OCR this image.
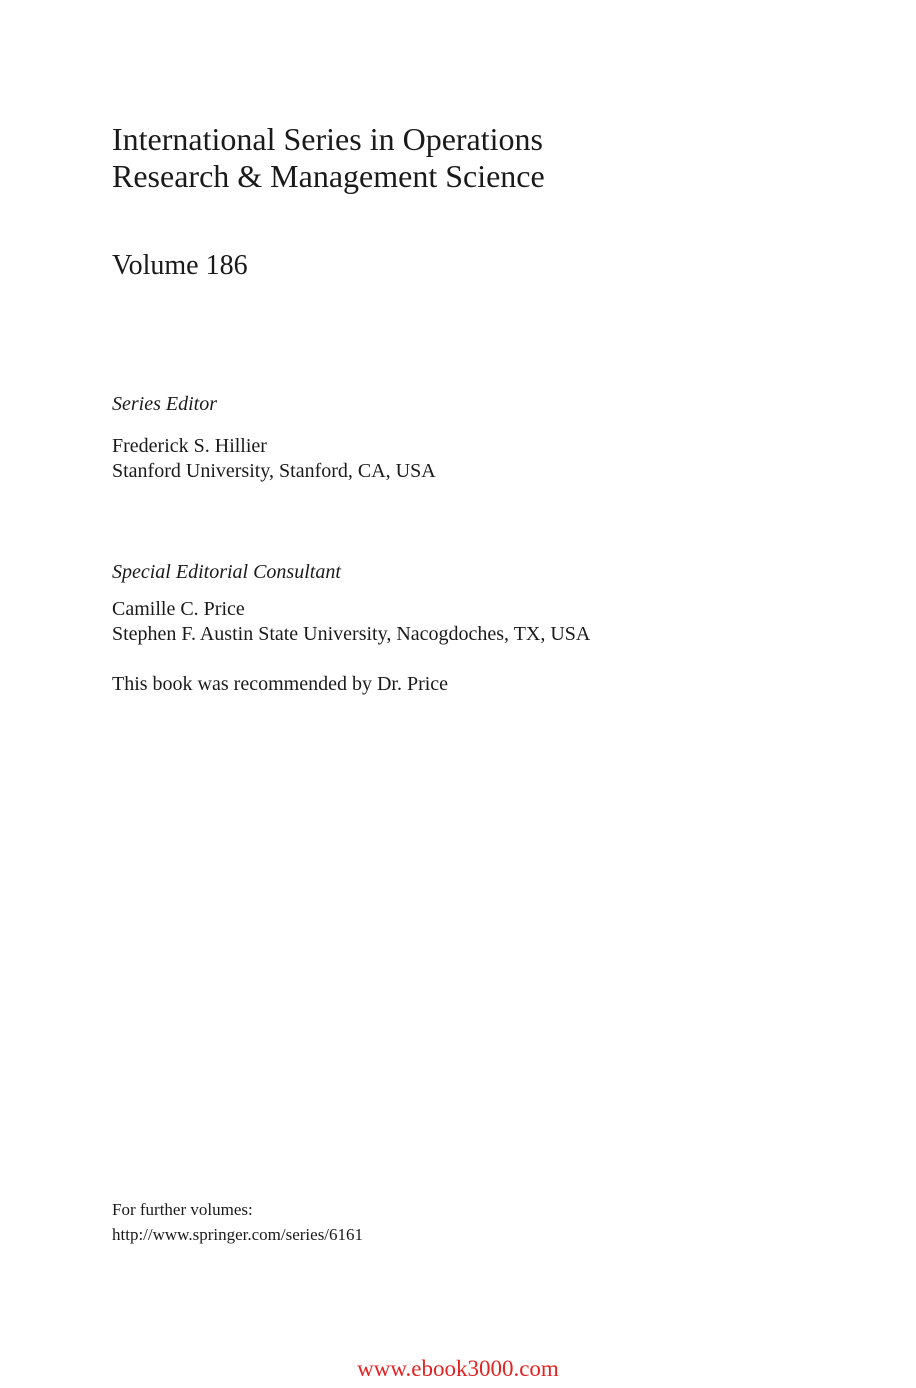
International Series in Operations
Research & Management Science
Volume 186
Series Editor
Frederick S. Hillier
Stanford University, Stanford, CA, USA
Special Editorial Consultant
Camille C. Price
Stephen F. Austin State University, Nacogdoches, TX, USA
This book was recommended by Dr. Price
For further volumes:
http://www.springer.com/series/6161
www.ebook3000.com
